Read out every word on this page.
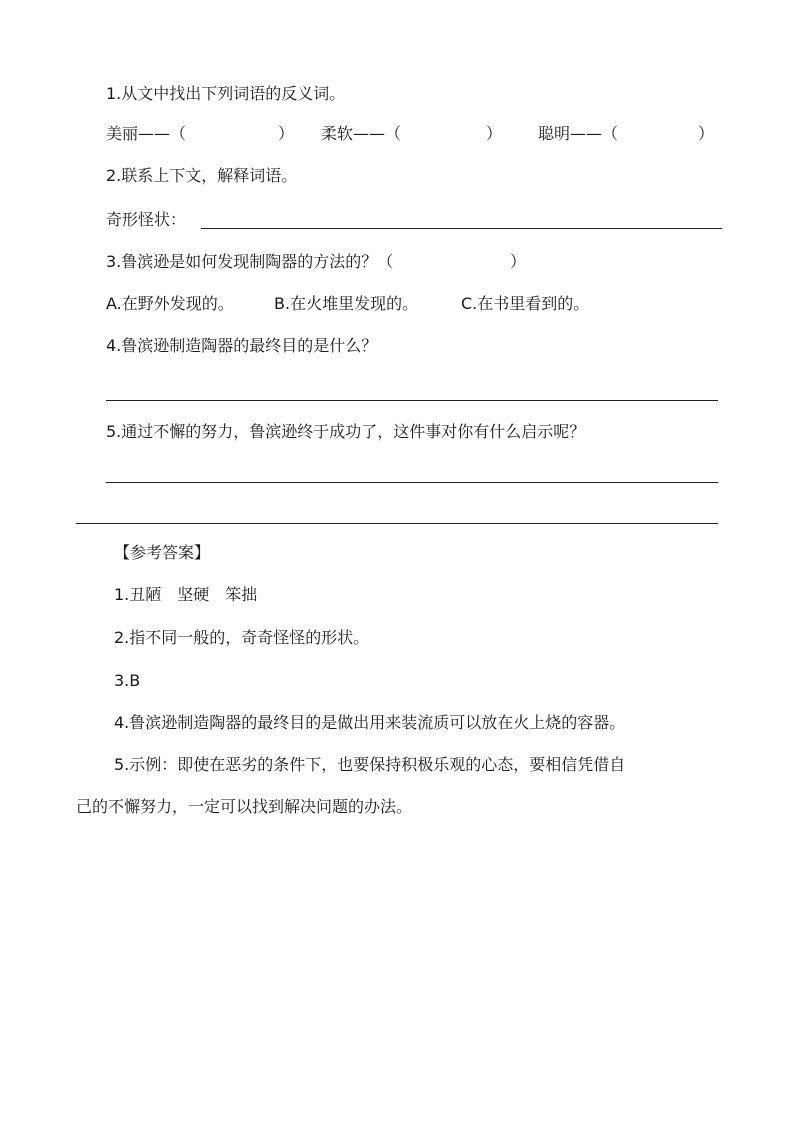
1.从文中找出下列词语的反义词。
美丽——（	） 柔软——（	） 聪明——（	）
2.联系上下文，解释词语。
奇形怪状：
3.鲁滨逊是如何发现制陶器的方法的？（	）
A.在野外发现的。	B.在火堆里发现的。	C.在书里看到的。
4.鲁滨逊制造陶器的最终目的是什么？
5.通过不懈的努力，鲁滨逊终于成功了，这件事对你有什么启示呢？
【参考答案】
1.丑陋　坚硬　笨拙
2.指不同一般的，奇奇怪怪的形状。
3.B
4.鲁滨逊制造陶器的最终目的是做出用来装流质可以放在火上烧的容器。
5.示例：即使在恶劣的条件下，也要保持积极乐观的心态，要相信凭借自
己的不懈努力，一定可以找到解决问题的办法。
